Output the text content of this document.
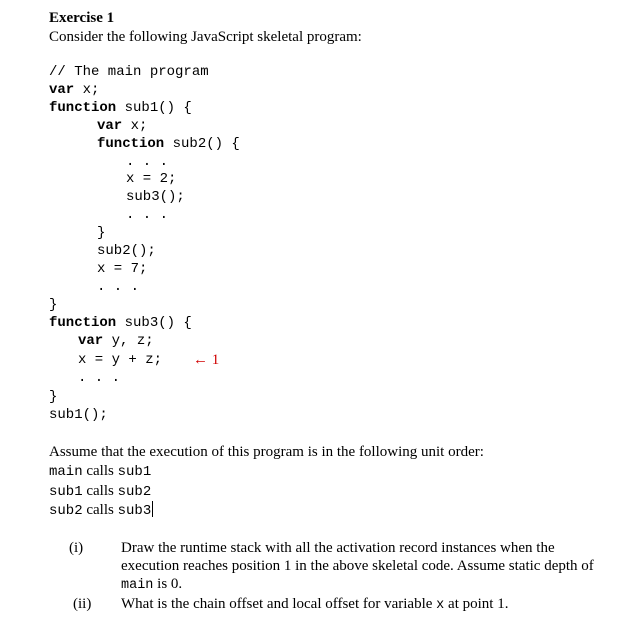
Exercise 1
Consider the following JavaScript skeletal program:
// The main program
var x;
function sub1() {
var x;
function sub2() {
. . .
x = 2;
sub3();
. . .
}
sub2();
x = 7;
. . .
}
function sub3() {
var y, z;
x = y + z; ← 1
. . .
}
sub1();
Assume that the execution of this program is in the following unit order:
main calls sub1
sub1 calls sub2
sub2 calls sub3
(i)	Draw the runtime stack with all the activation record instances when the execution reaches position 1 in the above skeletal code. Assume static depth of main is 0.
(ii) What is the chain offset and local offset for variable x at point 1.
